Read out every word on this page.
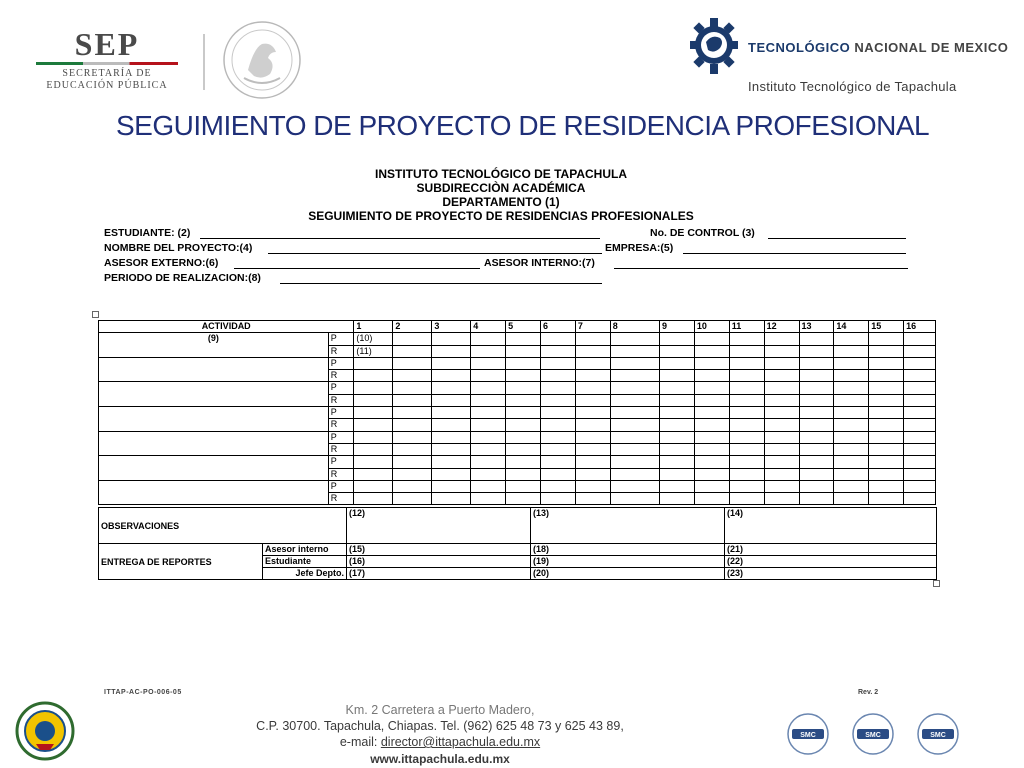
SEP
SECRETARÍA DE
EDUCACIÓN PÚBLICA
TECNOLÓGICO NACIONAL DE MEXICO
Instituto Tecnológico de Tapachula
SEGUIMIENTO DE PROYECTO DE RESIDENCIA PROFESIONAL
INSTITUTO TECNOLÓGICO DE TAPACHULA
SUBDIRECCIÒN ACADÉMICA
DEPARTAMENTO (1)
SEGUIMIENTO DE PROYECTO DE RESIDENCIAS PROFESIONALES
ESTUDIANTE: (2)	No. DE CONTROL (3)
NOMBRE DEL PROYECTO:(4)	EMPRESA:(5)
ASESOR EXTERNO:(6)	ASESOR INTERNO:(7)
PERIODO DE REALIZACION:(8)
ACTIVIDAD		1	2	3	4	5	6	7	8	9	10	11	12	13	14	15	16
(9)	P	(10)															
	R	(11)															
	P																
	R																
	P																
	R																
	P																
	R																
	P																
	R																
	P																
	R																
	P																
	R																
OBSERVACIONES		(12)	(13)	(14)
ENTREGA DE REPORTES	Asesor interno	(15)	(18)	(21)
	Estudiante	(16)	(19)	(22)
	Jefe Depto.	(17)	(20)	(23)
ITTAP-AC-PO-006-05	Rev. 2
Km. 2 Carretera a Puerto Madero,
C.P. 30700. Tapachula, Chiapas. Tel. (962) 625 48 73 y 625 43 89,
e-mail: director@ittapachula.edu.mx
www.ittapachula.edu.mx
SMC	SMC	SMC
